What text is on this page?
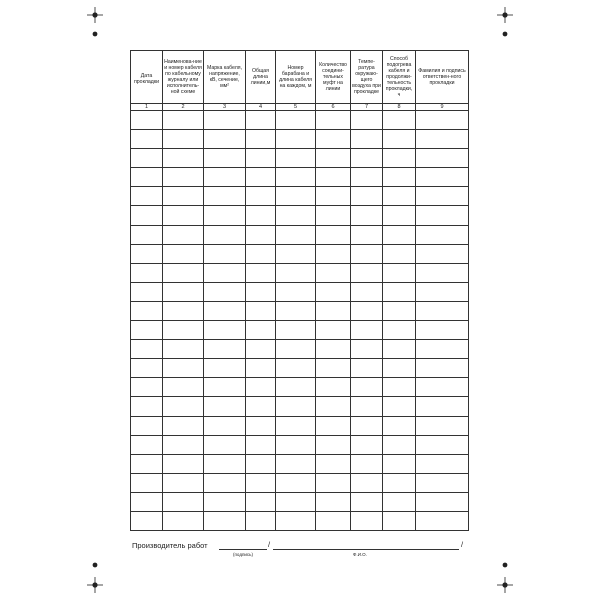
Дата прокладки	Наименова-ние и номер кабеля по кабельному журналу или исполнитель-ной схеме	Марка кабеля, напряжение, кВ, сечение, мм²	Общая длина линии,м	Номер барабана и длина кабеля на каждом, м	Количество соедини-тельных муфт на линии	Темпе-ратура окружаю-щего воздуха при прокладке	Способ подогрева кабеля и продолжи-тельность прокладки, ч	Фамилия и подпись ответствен-ного прокладки

1	2	3	4	5	6	7	8	9

Производитель работ	/	/
(подпись)	Ф.И.О.
